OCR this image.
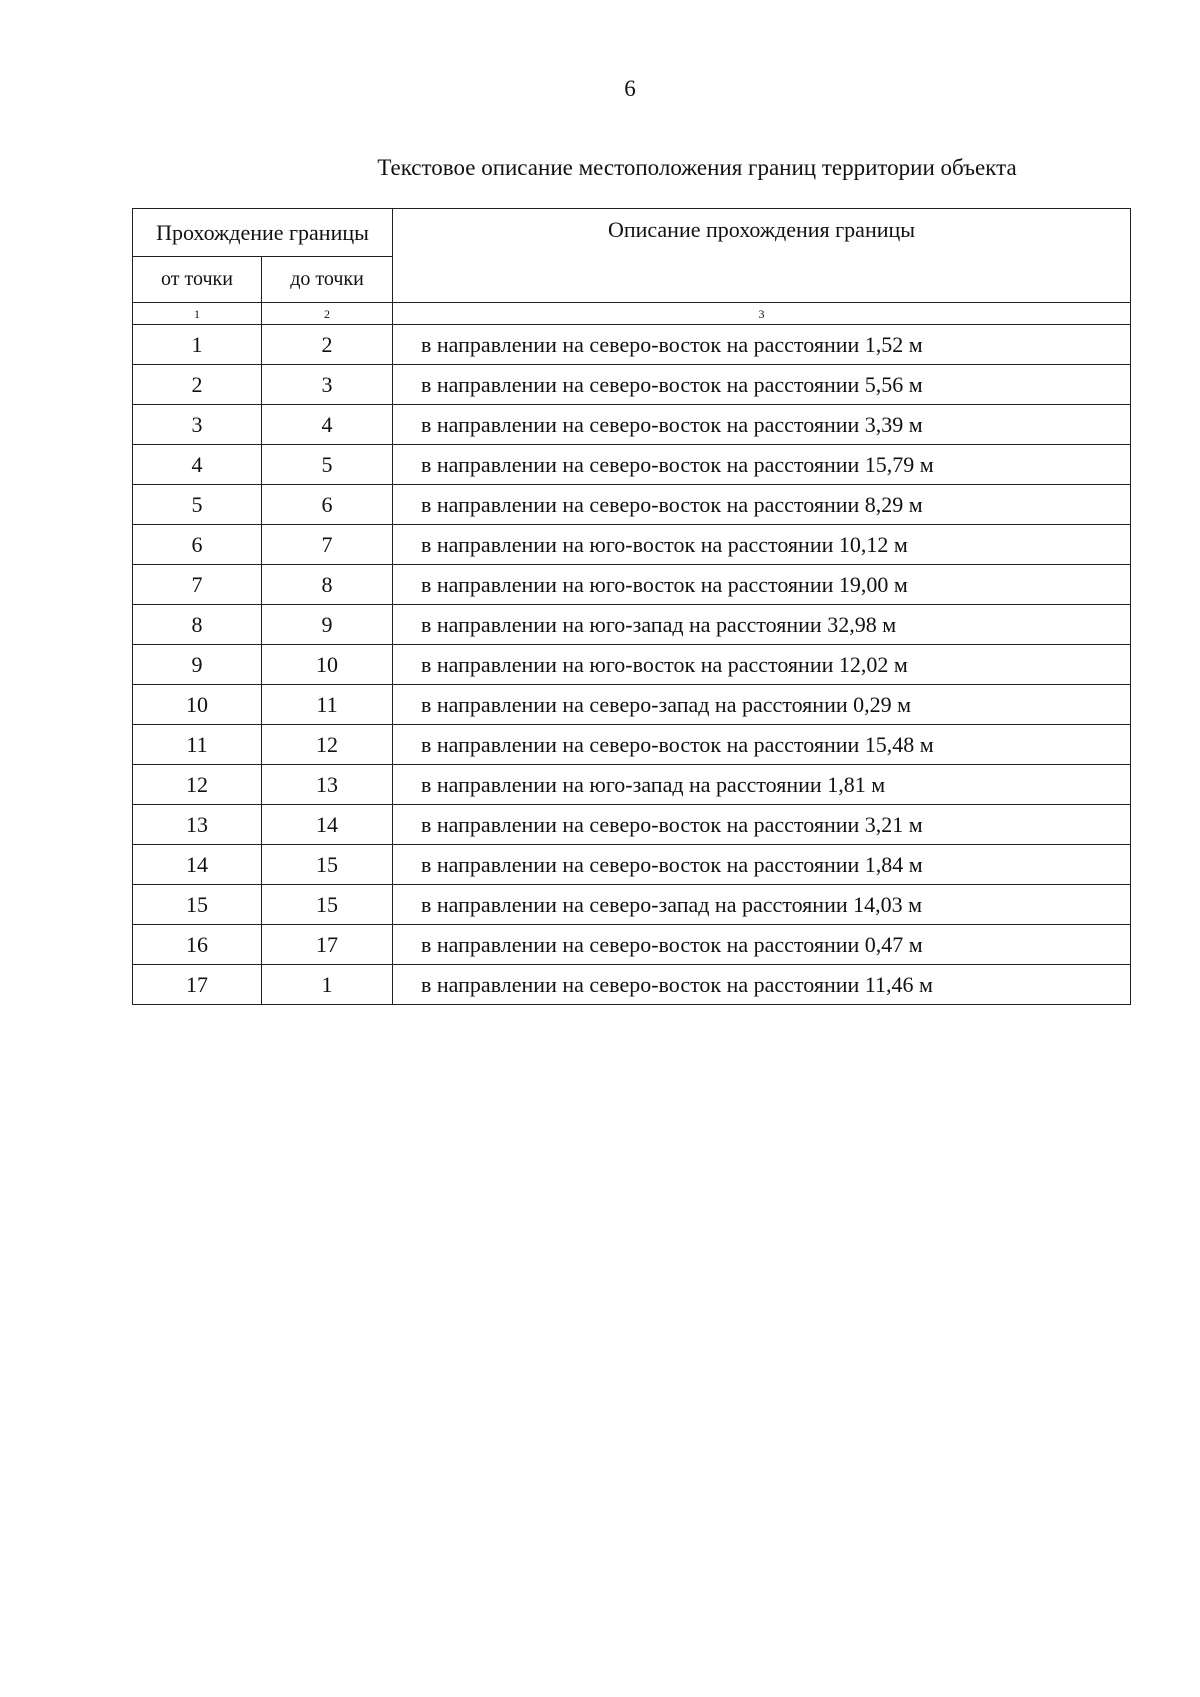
6
Текстовое описание местоположения границ территории объекта
Прохождение границы		Описание прохождения границы
от точки	до точки	
1	2	3
1	2	в направлении на северо-восток на расстоянии 1,52 м
2	3	в направлении на северо-восток на расстоянии 5,56 м
3	4	в направлении на северо-восток на расстоянии 3,39 м
4	5	в направлении на северо-восток на расстоянии 15,79 м
5	6	в направлении на северо-восток на расстоянии 8,29 м
6	7	в направлении на юго-восток на расстоянии 10,12 м
7	8	в направлении на юго-восток на расстоянии 19,00 м
8	9	в направлении на юго-запад на расстоянии 32,98 м
9	10	в направлении на юго-восток на расстоянии 12,02 м
10	11	в направлении на северо-запад на расстоянии 0,29 м
11	12	в направлении на северо-восток на расстоянии 15,48 м
12	13	в направлении на юго-запад на расстоянии 1,81 м
13	14	в направлении на северо-восток на расстоянии 3,21 м
14	15	в направлении на северо-восток на расстоянии 1,84 м
15	15	в направлении на северо-запад на расстоянии 14,03 м
16	17	в направлении на северо-восток на расстоянии 0,47 м
17	1	в направлении на северо-восток на расстоянии 11,46 м
